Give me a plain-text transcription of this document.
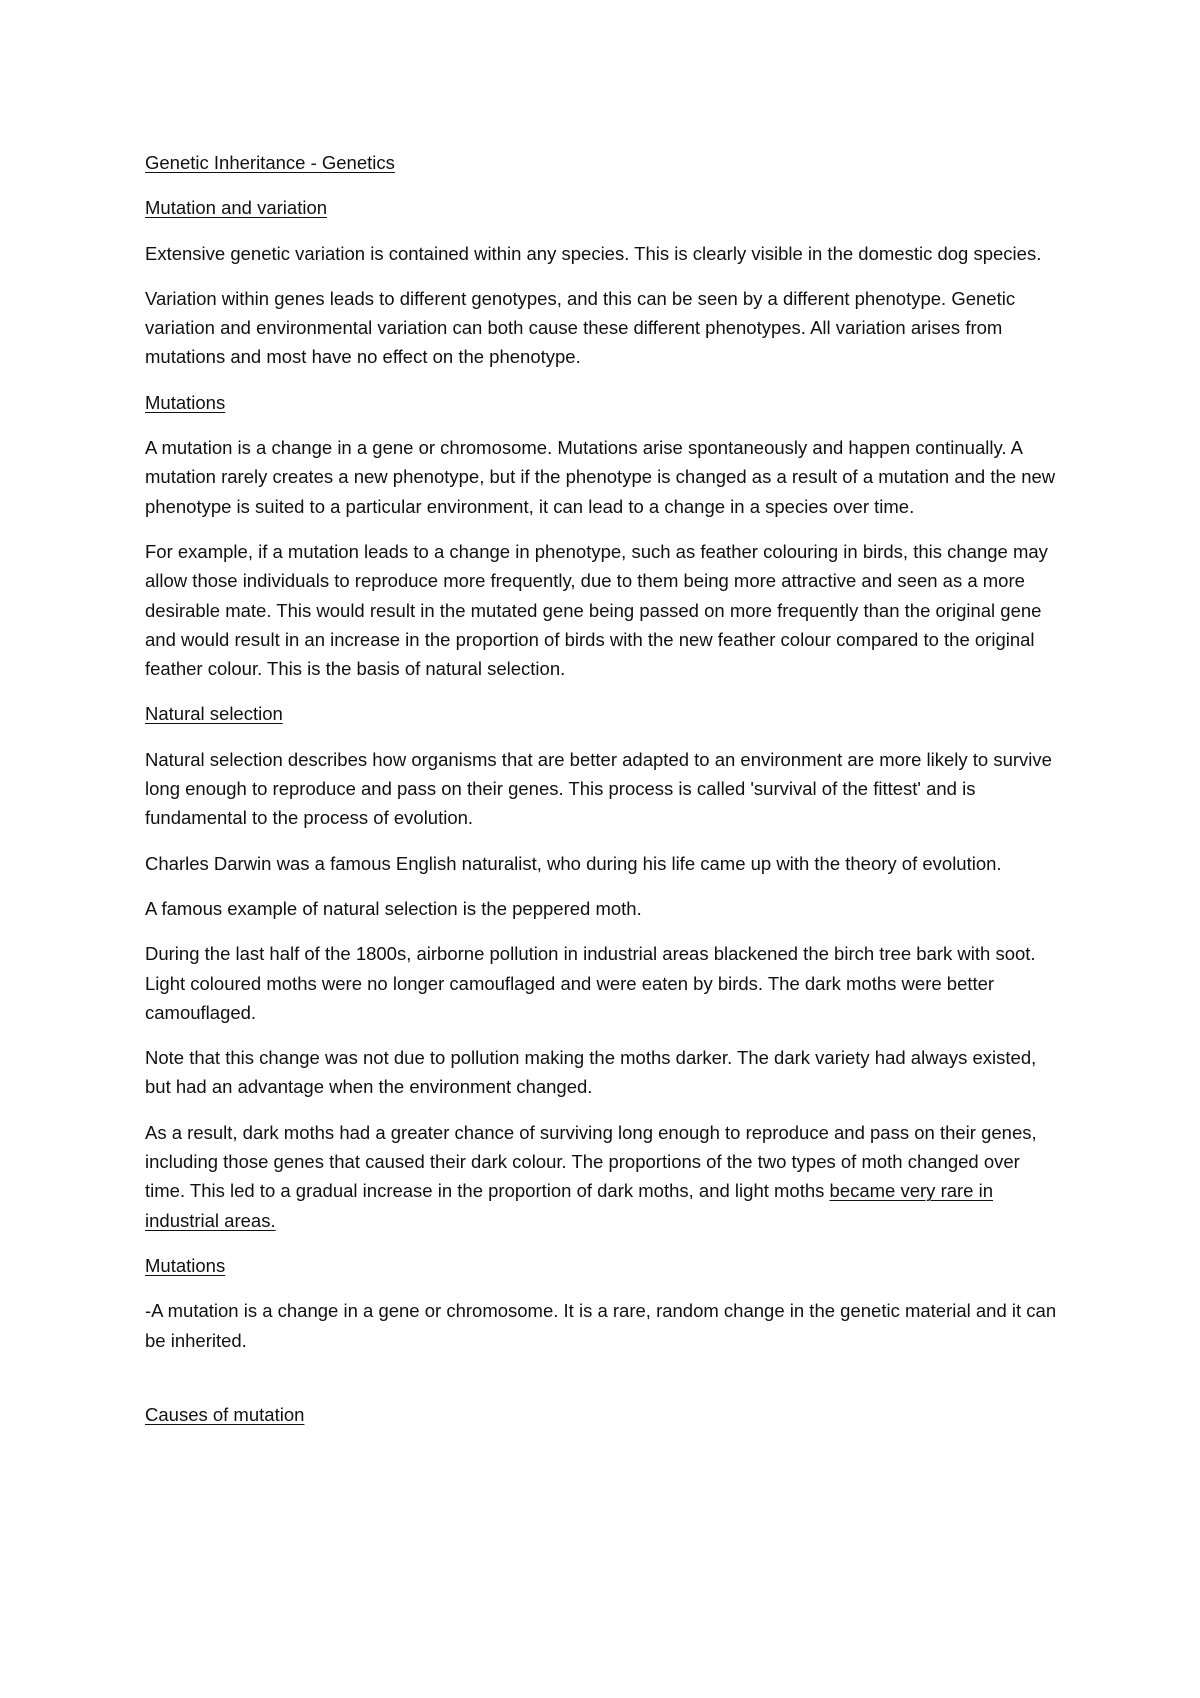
Genetic Inheritance - Genetics

Mutation and variation

Extensive genetic variation is contained within any species. This is clearly visible in the domestic dog species.

Variation within genes leads to different genotypes, and this can be seen by a different phenotype. Genetic variation and environmental variation can both cause these different phenotypes. All variation arises from mutations and most have no effect on the phenotype.

Mutations

A mutation is a change in a gene or chromosome. Mutations arise spontaneously and happen continually. A mutation rarely creates a new phenotype, but if the phenotype is changed as a result of a mutation and the new phenotype is suited to a particular environment, it can lead to a change in a species over time.

For example, if a mutation leads to a change in phenotype, such as feather colouring in birds, this change may allow those individuals to reproduce more frequently, due to them being more attractive and seen as a more desirable mate. This would result in the mutated gene being passed on more frequently than the original gene and would result in an increase in the proportion of birds with the new feather colour compared to the original feather colour. This is the basis of natural selection.

Natural selection

Natural selection describes how organisms that are better adapted to an environment are more likely to survive long enough to reproduce and pass on their genes. This process is called 'survival of the fittest' and is fundamental to the process of evolution.

Charles Darwin was a famous English naturalist, who during his life came up with the theory of evolution.

A famous example of natural selection is the peppered moth.

During the last half of the 1800s, airborne pollution in industrial areas blackened the birch tree bark with soot. Light coloured moths were no longer camouflaged and were eaten by birds. The dark moths were better camouflaged.

Note that this change was not due to pollution making the moths darker. The dark variety had always existed, but had an advantage when the environment changed.

As a result, dark moths had a greater chance of surviving long enough to reproduce and pass on their genes, including those genes that caused their dark colour. The proportions of the two types of moth changed over time. This led to a gradual increase in the proportion of dark moths, and light moths became very rare in industrial areas.

Mutations

-A mutation is a change in a gene or chromosome. It is a rare, random change in the genetic material and it can be inherited.

Causes of mutation
